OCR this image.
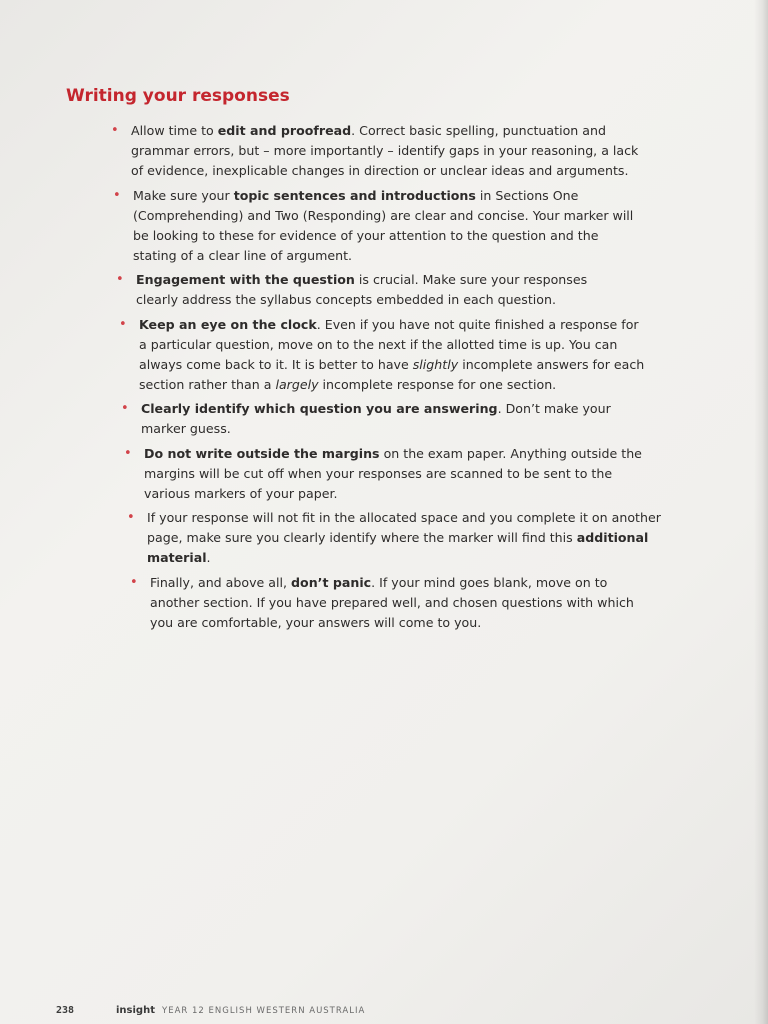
Writing your responses
• Allow time to edit and proofread. Correct basic spelling, punctuation and grammar errors, but – more importantly – identify gaps in your reasoning, a lack of evidence, inexplicable changes in direction or unclear ideas and arguments.
• Make sure your topic sentences and introductions in Sections One (Comprehending) and Two (Responding) are clear and concise. Your marker will be looking to these for evidence of your attention to the question and the stating of a clear line of argument.
• Engagement with the question is crucial. Make sure your responses clearly address the syllabus concepts embedded in each question.
• Keep an eye on the clock. Even if you have not quite finished a response for a particular question, move on to the next if the allotted time is up. You can always come back to it. It is better to have slightly incomplete answers for each section rather than a largely incomplete response for one section.
• Clearly identify which question you are answering. Don’t make your marker guess.
• Do not write outside the margins on the exam paper. Anything outside the margins will be cut off when your responses are scanned to be sent to the various markers of your paper.
• If your response will not fit in the allocated space and you complete it on another page, make sure you clearly identify where the marker will find this additional material.
• Finally, and above all, don’t panic. If your mind goes blank, move on to another section. If you have prepared well, and chosen questions with which you are comfortable, your answers will come to you.
238	insight YEAR 12 ENGLISH WESTERN AUSTRALIA
